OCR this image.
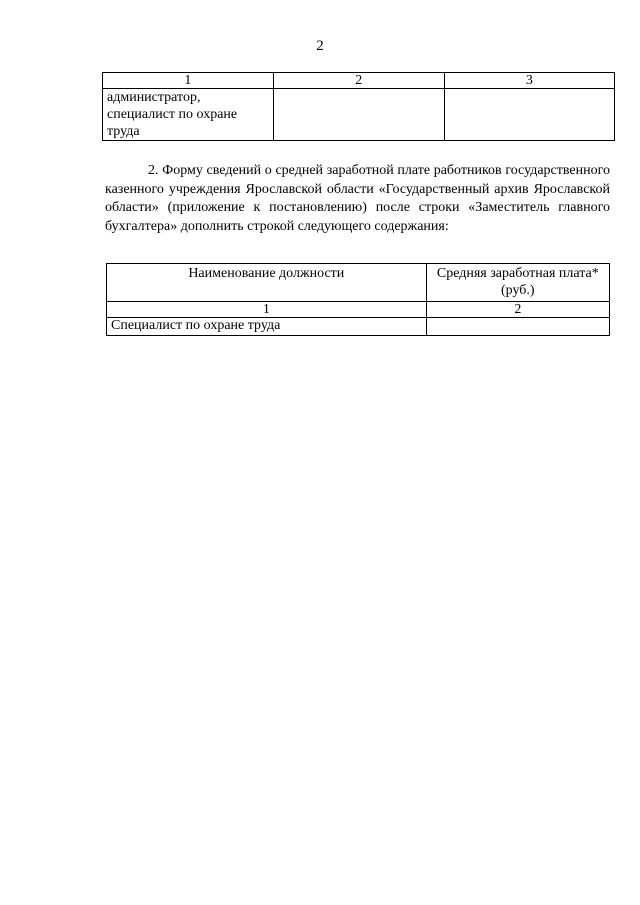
2
1	2	3
администратор, специалист по охране труда		

2. Форму сведений о средней заработной плате работников государственного казенного учреждения Ярославской области «Государственный архив Ярославской области» (приложение к постановлению) после строки «Заместитель главного бухгалтера» дополнить строкой следующего содержания:

Наименование должности	Средняя заработная плата* (руб.)
1	2
Специалист по охране труда	
